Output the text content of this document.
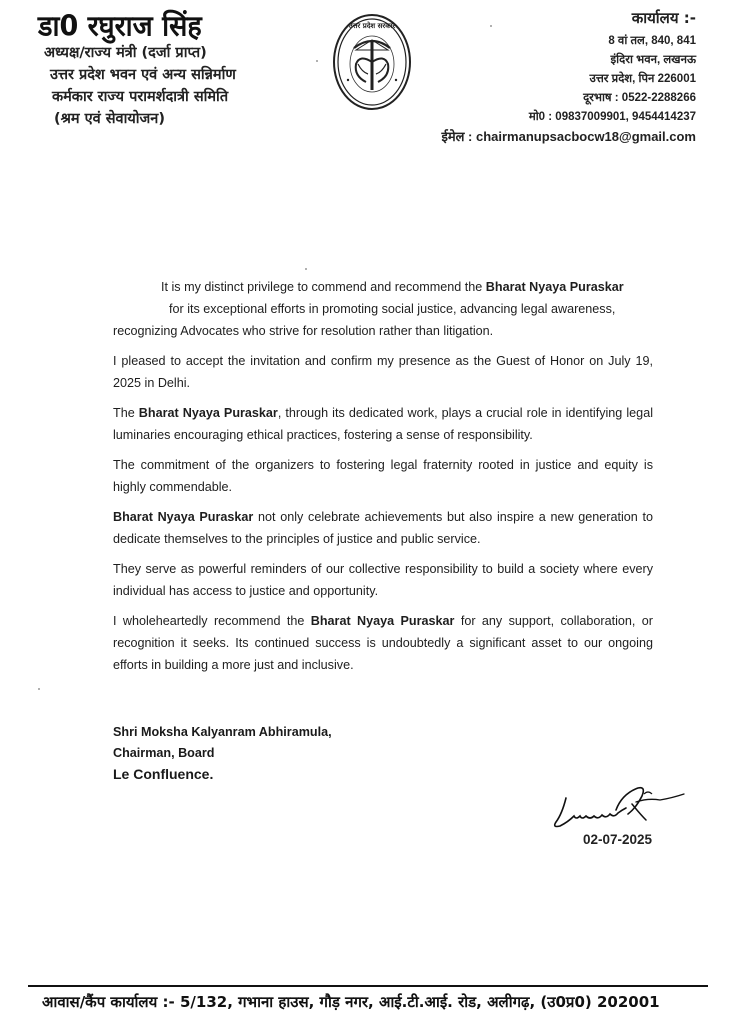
डा0 रघुराज सिंह
अध्यक्ष/राज्य मंत्री (दर्जा प्राप्त)
उत्तर प्रदेश भवन एवं अन्य सन्निर्माण
कर्मकार राज्य परामर्शदात्री समिति
(श्रम एवं सेवायोजन)
उत्तर प्रदेश सरकार	कार्यालय :-
8 वां तल, 840, 841
इंदिरा भवन, लखनऊ
उत्तर प्रदेश, पिन 226001
दूरभाष : 0522-2288266
मो0 : 09837009901, 9454414237
ईमेल : chairmanupsacbocw18@gmail.com

It is my distinct privilege to commend and recommend the Bharat Nyaya Puraskar
for its exceptional efforts in promoting social justice, advancing legal awareness,
recognizing Advocates who strive for resolution rather than litigation.

I pleased to accept the invitation and confirm my presence as the Guest of Honor on July 19, 2025 in Delhi.

The Bharat Nyaya Puraskar, through its dedicated work, plays a crucial role in identifying legal luminaries encouraging ethical practices, fostering a sense of responsibility.

The commitment of the organizers to fostering legal fraternity rooted in justice and equity is highly commendable.

Bharat Nyaya Puraskar not only celebrate achievements but also inspire a new generation to dedicate themselves to the principles of justice and public service.

They serve as powerful reminders of our collective responsibility to build a society where every individual has access to justice and opportunity.

I wholeheartedly recommend the Bharat Nyaya Puraskar for any support, collaboration, or recognition it seeks. Its continued success is undoubtedly a significant asset to our ongoing efforts in building a more just and inclusive.

Shri Moksha Kalyanram Abhiramula,
Chairman, Board
Le Confluence.
02-07-2025
आवास/कैंप कार्यालय :- 5/132, गभाना हाउस, गौड़ नगर, आई.टी.आई. रोड, अलीगढ़, (उ0प्र0) 202001
